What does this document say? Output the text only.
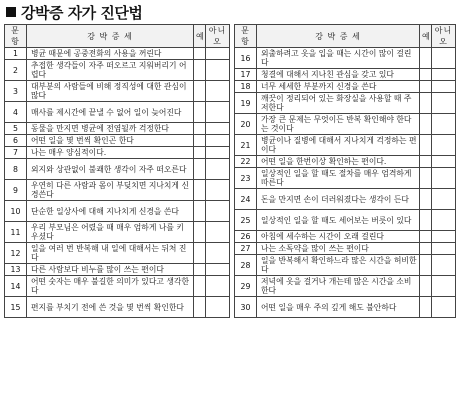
강박증 자가 진단법
문항	강 박 증 세	예	아니오
1	병균 때문에 공중전화의 사용을 꺼린다		
2	추접한 생각들이 자주 떠오르고 지워버리기 어렵다		
3	대부분의 사람들에 비해 정직성에 대한 관심이 많다		
4	매사를 제시간에 끝낼 수 없어 일이 늦어진다		
5	동물을 만지면 병균에 전염될까 걱정한다		
6	어떤 일을 몇 번씩 확인곤 한다		
7	나는 매우 양심적이다.		
8	외지와 상관없이 불쾌한 생각이 자주 떠오른다		
9	우연히 다른 사람과 몸이 부딪치면 지나치게 신경쓴다		
10	단순한 일상사에 대해 지나치게 신경을 쓴다		
11	우리 부모님은 어렸을 때 매우 엄하게 나를 키우셨다		
12	일을 여러 번 반복해 내 일에 대해서는 뒤처 진다		
13	다른 사람보다 비누를 많이 쓰는 편이다		
14	어떤 숫자는 매우 불길한 의미가 있다고 생각한다		
15	편지를 부치기 전에 쓴 것을 몇 번씩 확인한다		
문항	강 박 증 세	예	아니오
16	외출하려고 옷을 입을 때는 시간이 많이 걸린다		
17	청결에 대해서 지나친 관심을 갖고 있다		
18	너무 세세한 부분까지 신경을 쓴다		
19	깨끗이 정리되어 있는 화장실을 사용할 때 주저한다		
20	가장 큰 문제는 무엇이든 반복 확인해야 한다는 것이다		
21	병균이나 질병에 대해서 지나치게 걱정하는 편이다		
22	어떤 일을 한번이상 확인하는 편이다.		
23	일상적인 일을 할 때도 절차를 매우 엄격하게 따른다		
24	돈을 만지면 손이 더러워졌다는 생각이 든다		
25	일상적인 일을 할 때도 세어보는 버릇이 있다		
26	아침에 세수하는 시간이 오래 걸린다		
27	나는 소독약을 많이 쓰는 편이다		
28	일을 반복해서 확인하느라 많은 시간을 허비한다		
29	저녁에 옷을 걸거나 개는데 많은 시간을 소비한다		
30	어떤 일을 매우 주의 깊게 해도 불안하다		
